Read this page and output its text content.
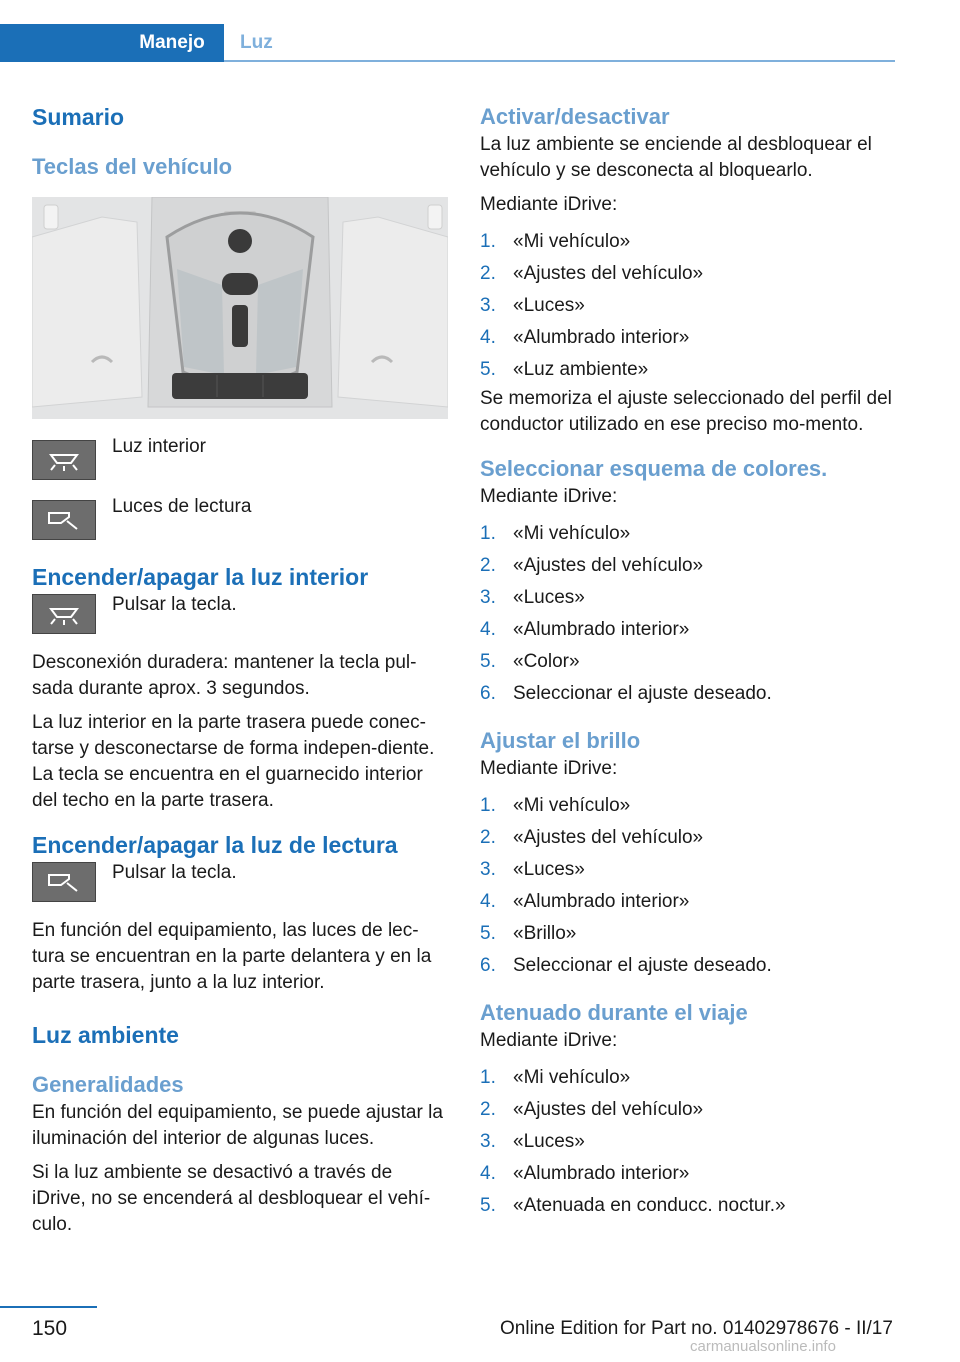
Manejo	Luz
Sumario
Teclas del vehículo
Luz interior
Luces de lectura
Encender/apagar la luz interior
Pulsar la tecla.

Desconexión duradera: mantener la tecla pul-sada durante aprox. 3 segundos.

La luz interior en la parte trasera puede conec-tarse y desconectarse de forma indepen-diente. La tecla se encuentra en el guarnecido interior del techo en la parte trasera.

Encender/apagar la luz de lectura
Pulsar la tecla.

En función del equipamiento, las luces de lec-tura se encuentran en la parte delantera y en la parte trasera, junto a la luz interior.

Luz ambiente
Generalidades

En función del equipamiento, se puede ajustar la iluminación del interior de algunas luces.

Si la luz ambiente se desactivó a través de iDrive, no se encenderá al desbloquear el vehí-culo.

Activar/desactivar

La luz ambiente se enciende al desbloquear el vehículo y se desconecta al bloquearlo.

Mediante iDrive:

1. «Mi vehículo»
2. «Ajustes del vehículo»
3. «Luces»
4. «Alumbrado interior»
5. «Luz ambiente»

Se memoriza el ajuste seleccionado del perfil del conductor utilizado en ese preciso mo-mento.

Seleccionar esquema de colores.

Mediante iDrive:

1. «Mi vehículo»
2. «Ajustes del vehículo»
3. «Luces»
4. «Alumbrado interior»
5. «Color»
6. Seleccionar el ajuste deseado.
Ajustar el brillo

Mediante iDrive:

1. «Mi vehículo»
2. «Ajustes del vehículo»
3. «Luces»
4. «Alumbrado interior»
5. «Brillo»
6. Seleccionar el ajuste deseado.
Atenuado durante el viaje

Mediante iDrive:

1. «Mi vehículo»
2. «Ajustes del vehículo»
3. «Luces»
4. «Alumbrado interior»
5. «Atenuada en conducc. noctur.»
150	Online Edition for Part no. 01402978676 - II/17
carmanualsonline.info
